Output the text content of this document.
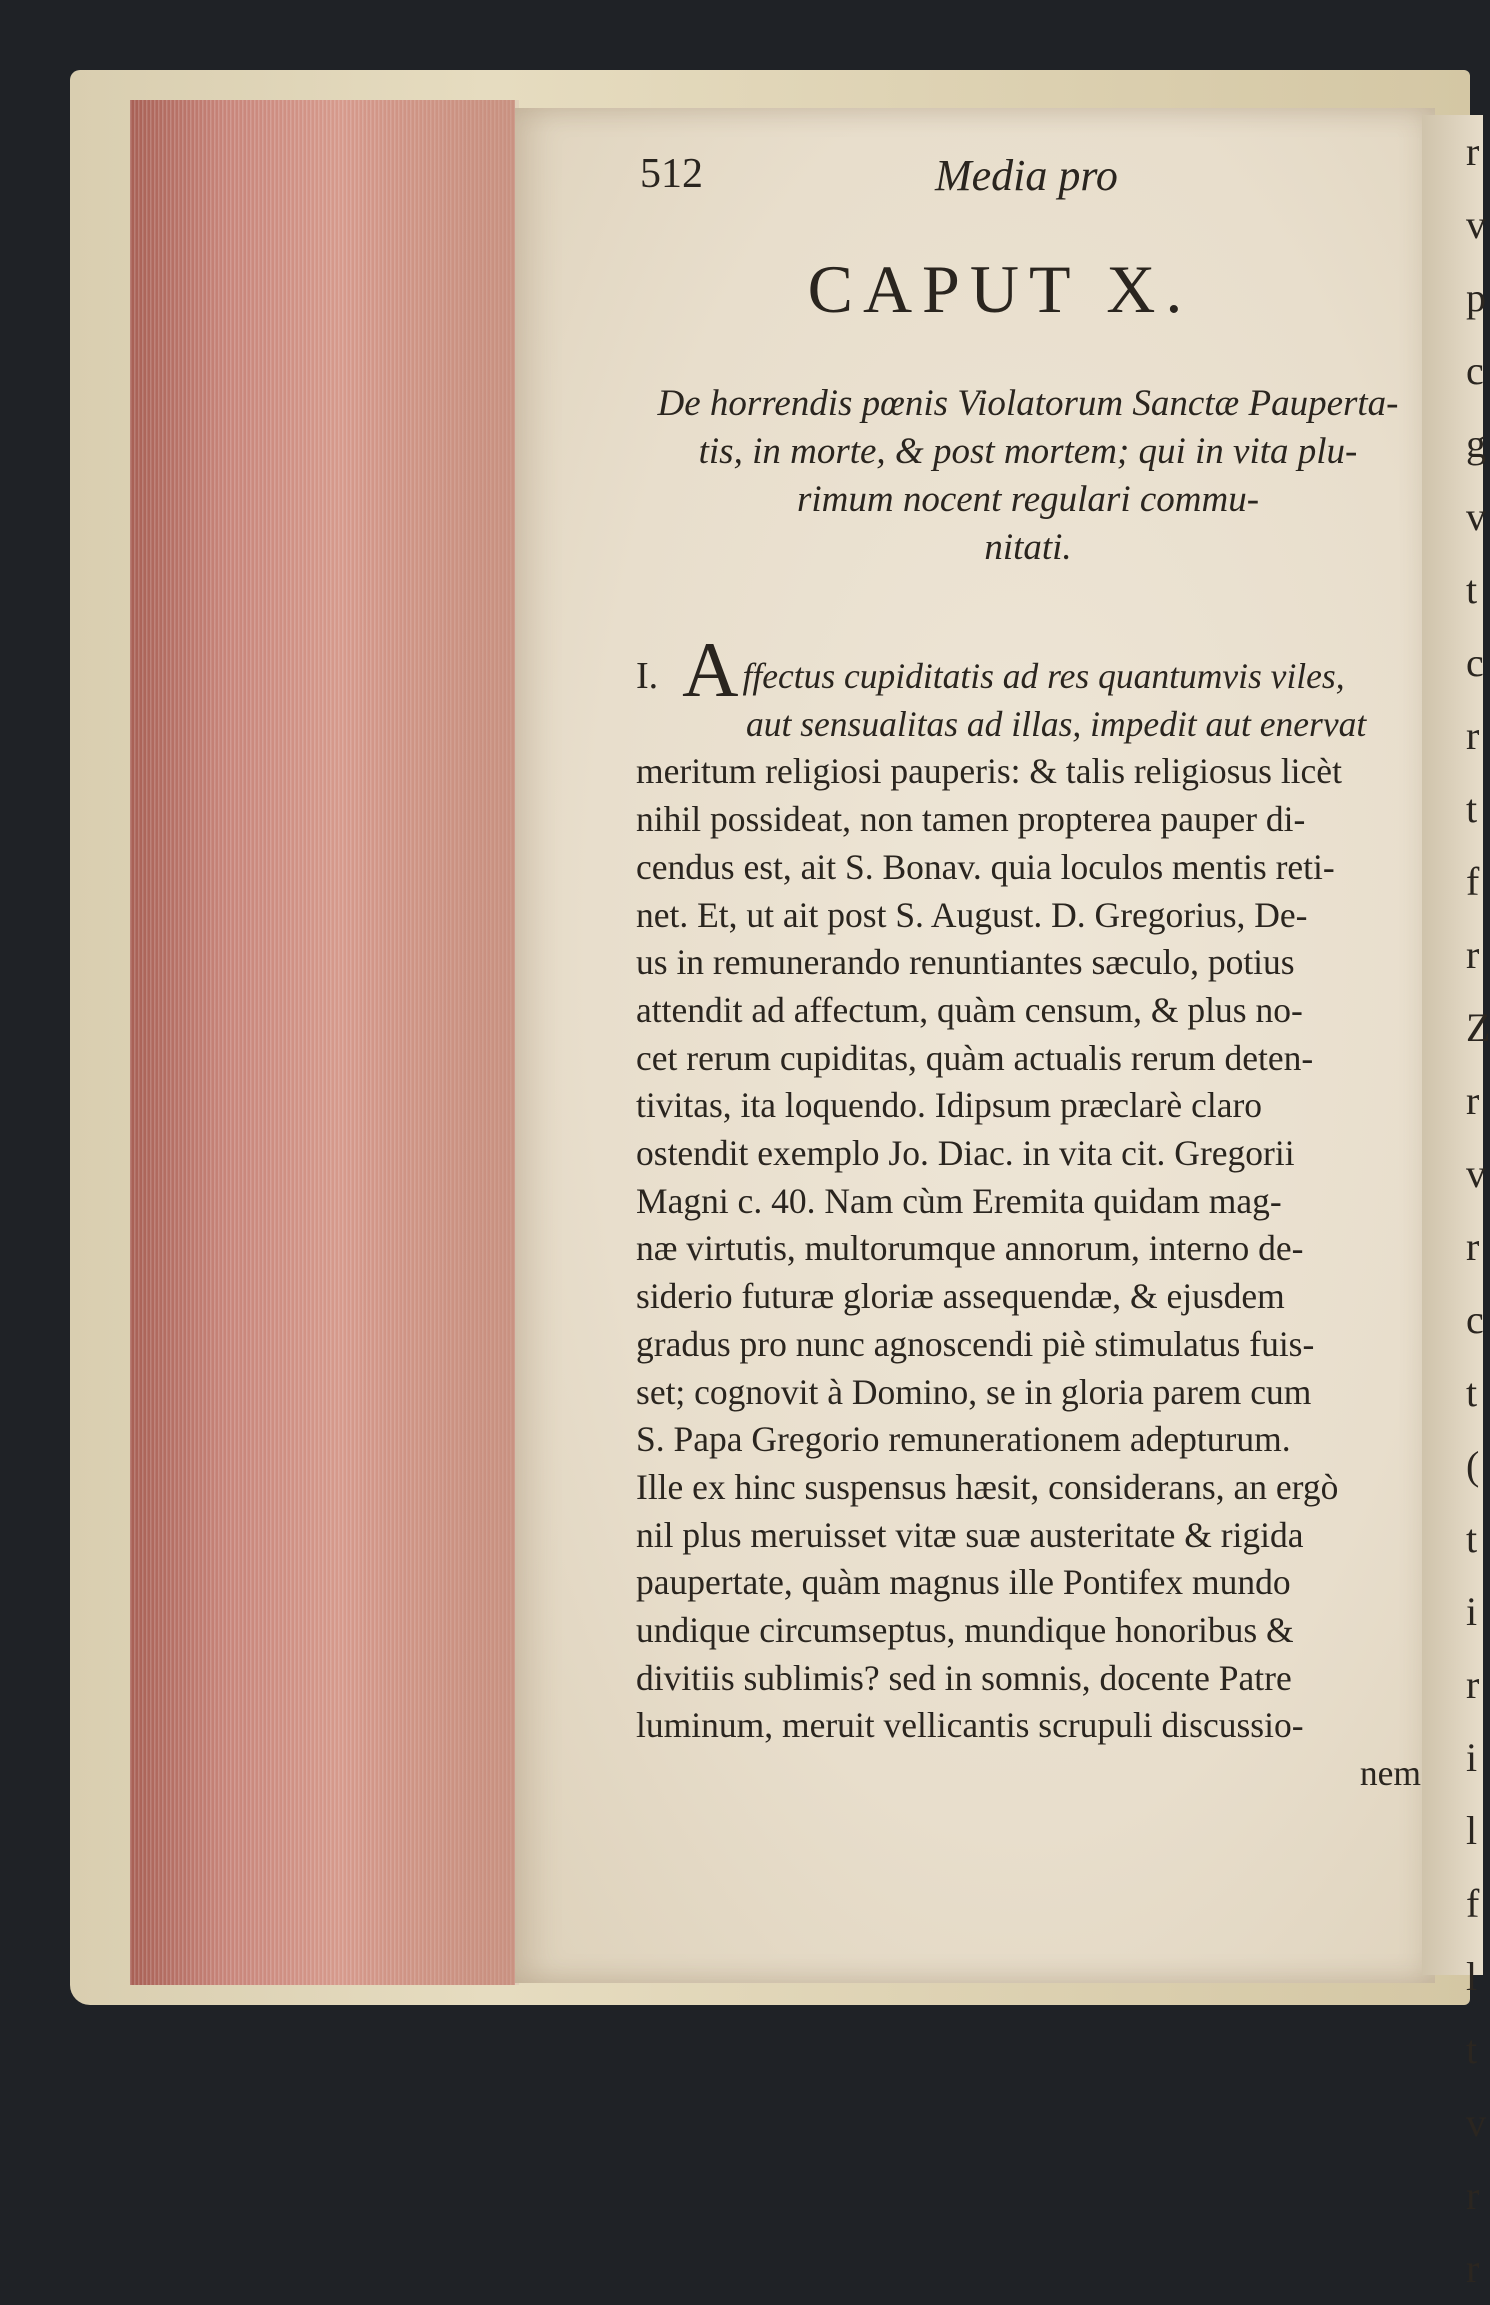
r
v
p
c
g
v
t
c
r
t
f
r
Z
r
v
r
c
t
(
t
i
r
i
l
f
l
t
v
r
r
512	Media pro
CAPUT X.
De horrendis pœnis Violatorum Sanctæ Pauperta-
tis, in morte, & post mortem; qui in vita plu-
rimum nocent regulari commu-
nitati.
I. A ffectus cupiditatis ad res quantumvis viles,
aut sensualitas ad illas, impedit aut enervat
meritum religiosi pauperis: & talis religiosus licèt
nihil possideat, non tamen propterea pauper di-
cendus est, ait S. Bonav. quia loculos mentis reti-
net. Et, ut ait post S. August. D. Gregorius, De-
us in remunerando renuntiantes sæculo, potius
attendit ad affectum, quàm censum, & plus no-
cet rerum cupiditas, quàm actualis rerum deten-
tivitas, ita loquendo. Idipsum præclarè claro
ostendit exemplo Jo. Diac. in vita cit. Gregorii
Magni c. 40. Nam cùm Eremita quidam mag-
næ virtutis, multorumque annorum, interno de-
siderio futuræ gloriæ assequendæ, & ejusdem
gradus pro nunc agnoscendi piè stimulatus fuis-
set; cognovit à Domino, se in gloria parem cum
S. Papa Gregorio remunerationem adepturum.
Ille ex hinc suspensus hæsit, considerans, an ergò
nil plus meruisset vitæ suæ austeritate & rigida
paupertate, quàm magnus ille Pontifex mundo
undique circumseptus, mundique honoribus &
divitiis sublimis? sed in somnis, docente Patre
luminum, meruit vellicantis scrupuli discussio-
nem
